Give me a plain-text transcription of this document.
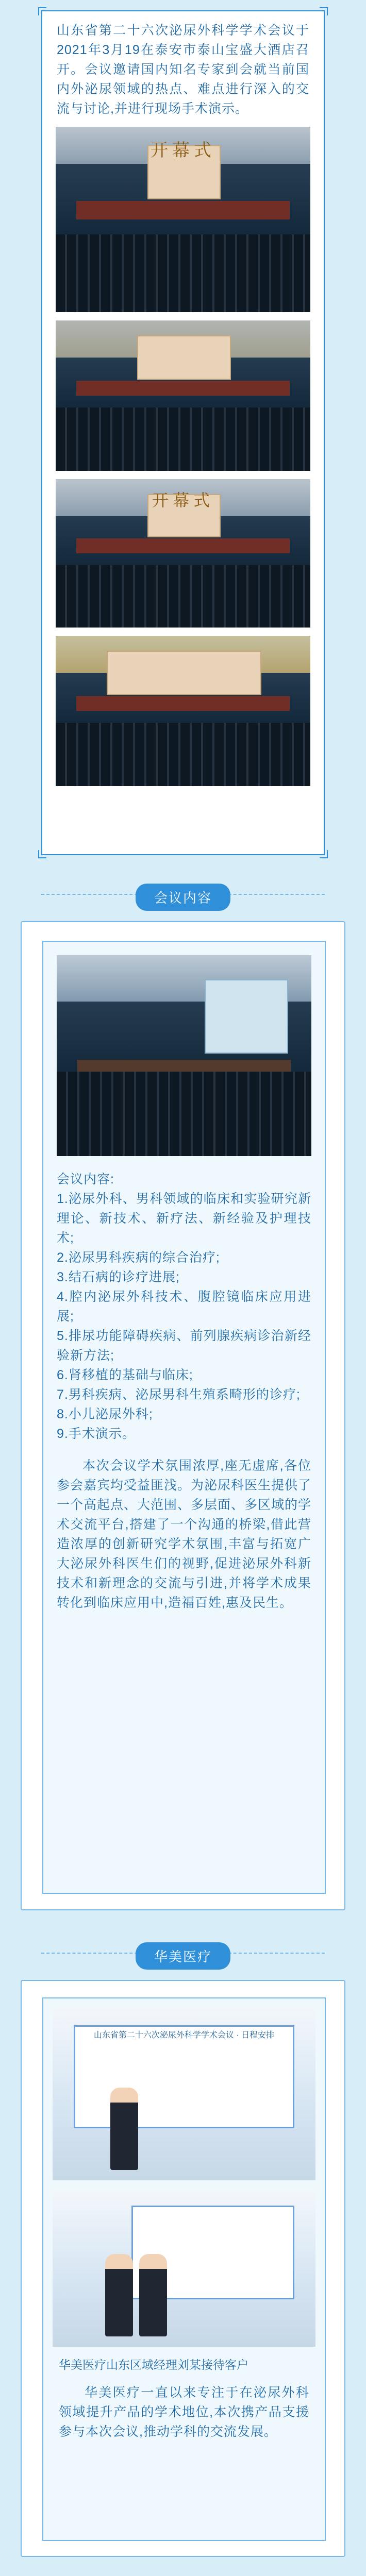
山东省第二十六次泌尿外科学学术会议于2021年3月19在泰安市泰山宝盛大酒店召开。会议邀请国内知名专家到会就当前国内外泌尿领域的热点、难点进行深入的交流与讨论,并进行现场手术演示。

开幕式
开幕式
会议内容

会议内容:

1.泌尿外科、男科领域的临床和实验研究新理论、新技术、新疗法、新经验及护理技术;

2.泌尿男科疾病的综合治疗;

3.结石病的诊疗进展;

4.腔内泌尿外科技术、腹腔镜临床应用进展;

5.排尿功能障碍疾病、前列腺疾病诊治新经验新方法;

6.肾移植的基础与临床;

7.男科疾病、泌尿男科生殖系畸形的诊疗;

8.小儿泌尿外科;

9.手术演示。

本次会议学术氛围浓厚,座无虚席,各位参会嘉宾均受益匪浅。为泌尿科医生提供了一个高起点、大范围、多层面、多区域的学术交流平台,搭建了一个沟通的桥梁,借此营造浓厚的创新研究学术氛围,丰富与拓宽广大泌尿外科医生们的视野,促进泌尿外科新技术和新理念的交流与引进,并将学术成果转化到临床应用中,造福百姓,惠及民生。

华美医疗
山东省第二十六次泌尿外科学学术会议 · 日程安排
华美医疗山东区域经理刘某接待客户

华美医疗一直以来专注于在泌尿外科领域提升产品的学术地位,本次携产品支援参与本次会议,推动学科的交流发展。
